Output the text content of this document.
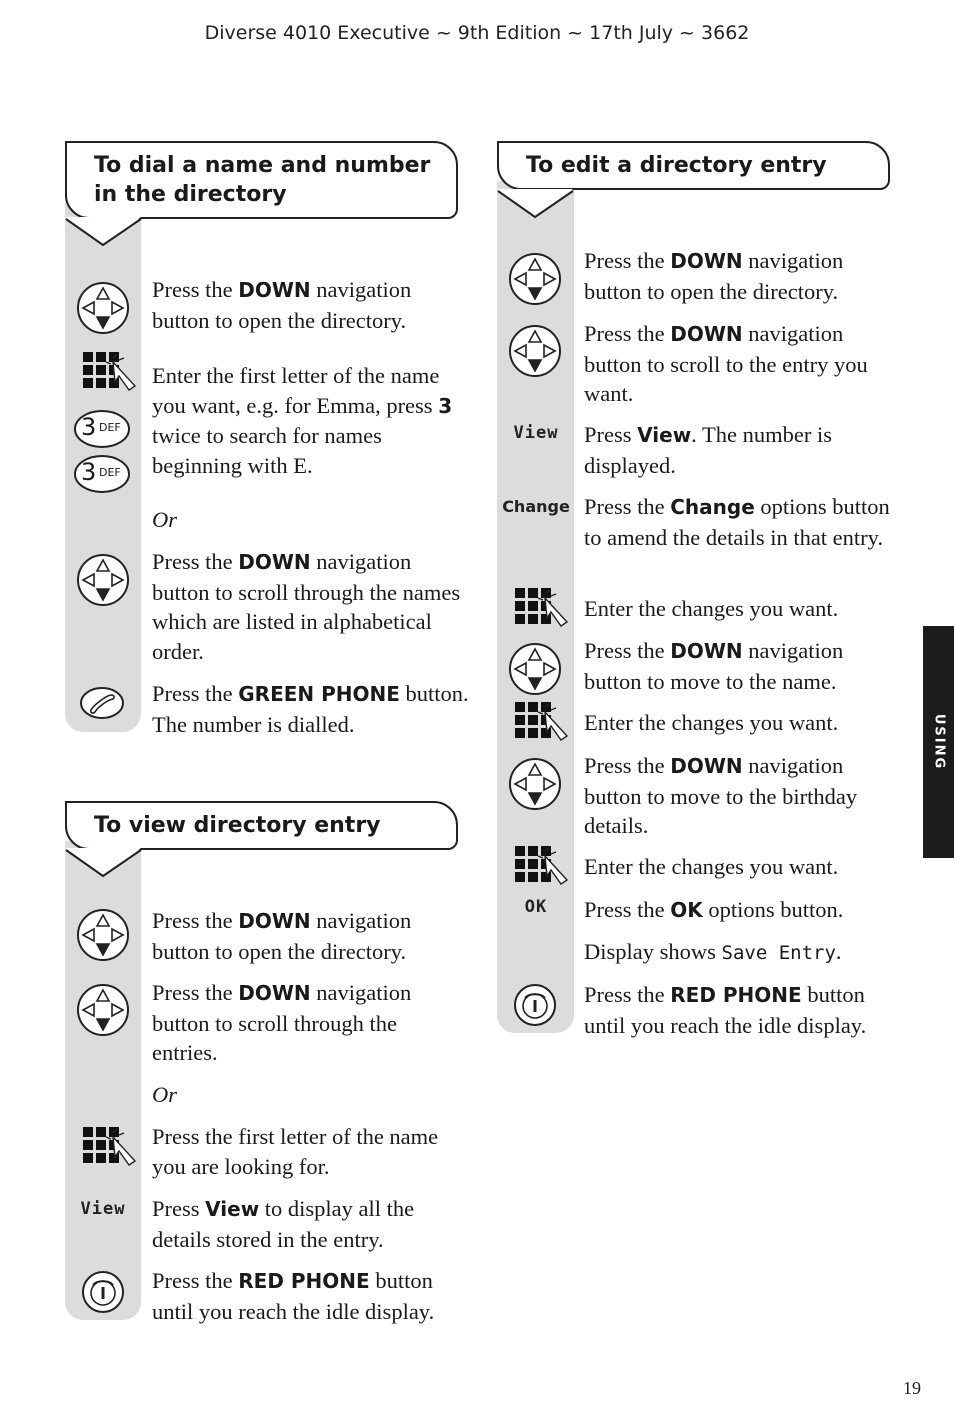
Diverse 4010 Executive ~ 9th Edition ~ 17th July ~ 3662
To dial a name and number in the directory
Press the DOWN navigation button to open the directory.
3 DEF
3 DEF
Enter the first letter of the name you want, e.g. for Emma, press 3 twice to search for names beginning with E.
Or
Press the DOWN navigation button to scroll through the names which are listed in alphabetical order.
Press the GREEN PHONE button. The number is dialled.
To view directory entry
Press the DOWN navigation button to open the directory.
Press the DOWN navigation button to scroll through the entries.
Or
Press the first letter of the name you are looking for.
View	Press View to display all the details stored in the entry.
Press the RED PHONE button until you reach the idle display.
To edit a directory entry
Press the DOWN navigation button to open the directory.
Press the DOWN navigation button to scroll to the entry you want.
View	Press View. The number is displayed.
Change Press the Change options button to amend the details in that entry.
Enter the changes you want.
Press the DOWN navigation button to move to the name.
Enter the changes you want.
Press the DOWN navigation button to move to the birthday details.
Enter the changes you want.
OK	Press the OK options button.
Display shows Save Entry.
Press the RED PHONE button until you reach the idle display.
USING
19
